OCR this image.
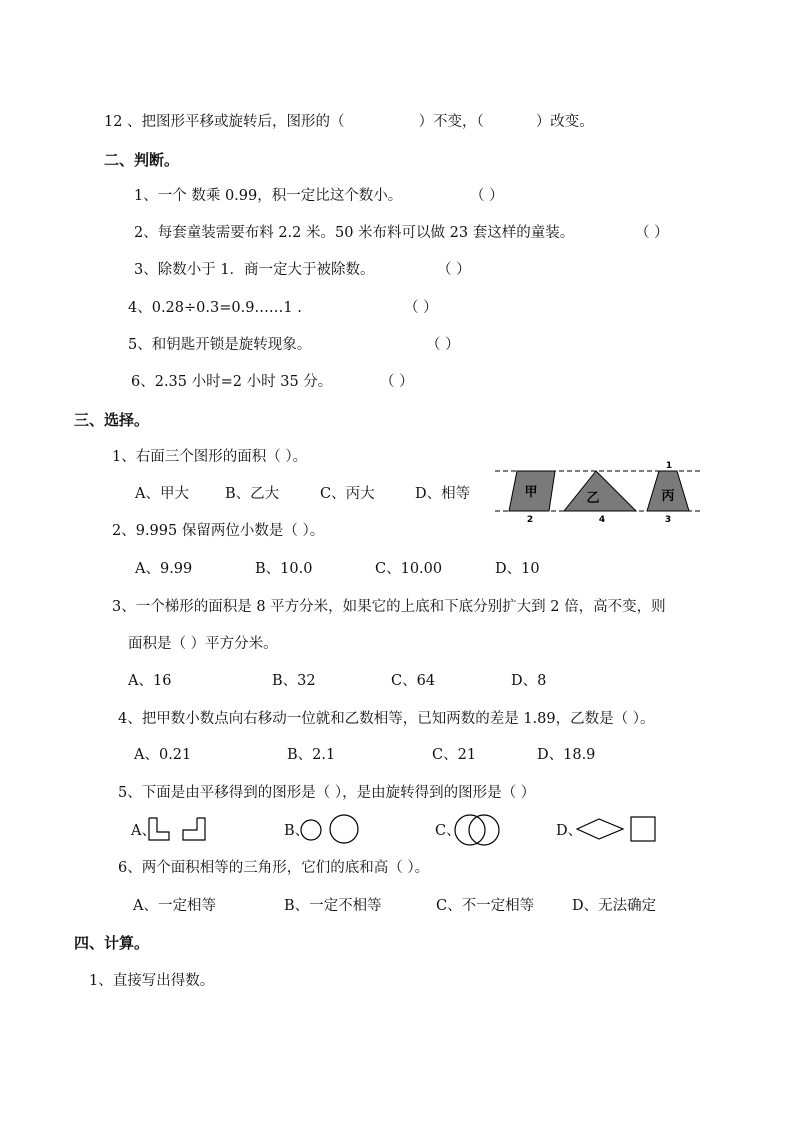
12 、把图形平移或旋转后，图形的（	）不变，（	）改变。
二、判断。
1、一个 数乘 0.99，积一定比这个数小。	（ ）
2、每套童装需要布料 2.2 米。50 米布料可以做 23 套这样的童装。	（ ）
3、除数小于 1．商一定大于被除数。	（ ）
4、0.28÷0.3=0.9……1 .	（ ）
5、和钥匙开锁是旋转现象。	（ ）
6、2.35 小时=2 小时 35 分。	（ ）
三、选择。
1、右面三个图形的面积（ ）。
A、甲大 B、乙大	C、丙大	D、相等	甲	乙	丙
1
2	4	3
2、9.995 保留两位小数是（ ）。
A、9.99	B、10.0	C、10.00	D、10
3、一个梯形的面积是 8 平方分米，如果它的上底和下底分别扩大到 2 倍，高不变，则
面积是（ ）平方分米。
A、16	B、32	C、64	D、8
4、把甲数小数点向右移动一位就和乙数相等，已知两数的差是 1.89，乙数是（ ）。
A、0.21	B、2.1	C、21	D、18.9
5、下面是由平移得到的图形是（ ），是由旋转得到的图形是（ ）
A、	B、	C、	D、
6、两个面积相等的三角形，它们的底和高（ ）。
A、一定相等	B、一定不相等	C、不一定相等	D、无法确定
四、计算。
1、直接写出得数。
